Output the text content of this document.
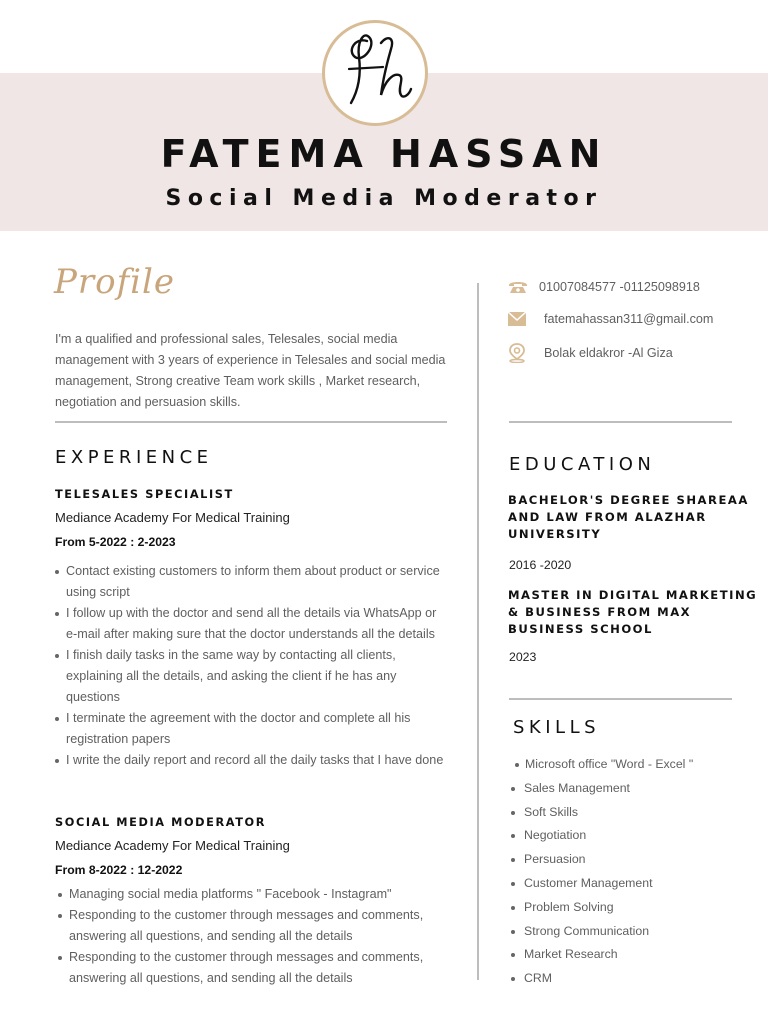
FATEMA HASSAN
Social Media Moderator
Profile
I'm a qualified and professional sales, Telesales, social media management with 3 years of experience in Telesales and social media management, Strong creative Team work skills , Market research, negotiation and persuasion skills.
EXPERIENCE
TELESALES SPECIALIST
Mediance Academy For Medical Training
From 5-2022 : 2-2023
Contact existing customers to inform them about product or service using script
I follow up with the doctor and send all the details via WhatsApp or e-mail after making sure that the doctor understands all the details
I finish daily tasks in the same way by contacting all clients, explaining all the details, and asking the client if he has any questions
I terminate the agreement with the doctor and complete all his registration papers
I write the daily report and record all the daily tasks that I have done
SOCIAL MEDIA MODERATOR
Mediance Academy For Medical Training
From 8-2022 : 12-2022
Managing social media platforms " Facebook - Instagram"
Responding to the customer through messages and comments, answering all questions, and sending all the details
Responding to the customer through messages and comments, answering all questions, and sending all the details
01007084577 -01125098918
fatemahassan311@gmail.com
Bolak eldakror -Al Giza
EDUCATION
BACHELOR'S DEGREE SHAREAA AND LAW FROM ALAZHAR UNIVERSITY
2016 -2020
MASTER IN DIGITAL MARKETING & BUSINESS FROM MAX BUSINESS SCHOOL
2023
SKILLS
Microsoft office "Word - Excel "
Sales Management
Soft Skills
Negotiation
Persuasion
Customer Management
Problem Solving
Strong Communication
Market Research
CRM
